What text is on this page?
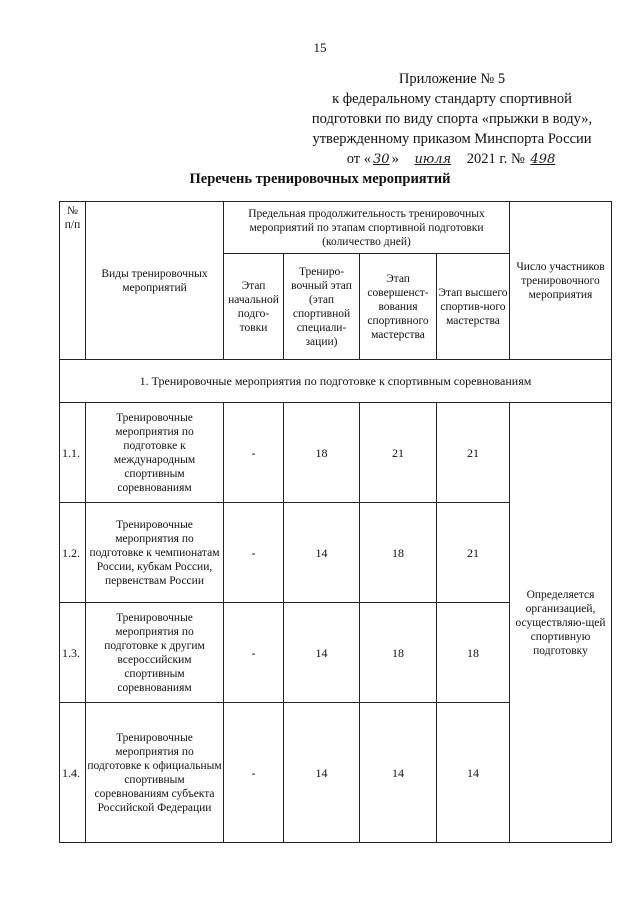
15
Приложение № 5
к федеральному стандарту спортивной
подготовки по виду спорта «прыжки в воду»,
утвержденному приказом Минспорта России
от « 30 » июля 2021 г. № 498
Перечень тренировочных мероприятий
№ п/п	Виды тренировочных мероприятий	Предельная продолжительность тренировочных мероприятий по этапам спортивной подготовки (количество дней)				Число участников тренировочного мероприятия
		Этап начальной подго-товки	Трениро-вочный этап (этап спортивной специали-зации)	Этап совершенст-вования спортивного мастерства	Этап высшего спортив-ного мастерства	
1. Тренировочные мероприятия по подготовке к спортивным соревнованиям						
1.1.	Тренировочные мероприятия по подготовке к международным спортивным соревнованиям	-	18	21	21	Определяется организацией, осуществляю-щей спортивную подготовку
1.2.	Тренировочные мероприятия по подготовке к чемпионатам России, кубкам России, первенствам России	-	14	18	21	
1.3.	Тренировочные мероприятия по подготовке к другим всероссийским спортивным соревнованиям	-	14	18	18	
1.4.	Тренировочные мероприятия по подготовке к официальным спортивным соревнованиям субъекта Российской Федерации	-	14	14	14	
